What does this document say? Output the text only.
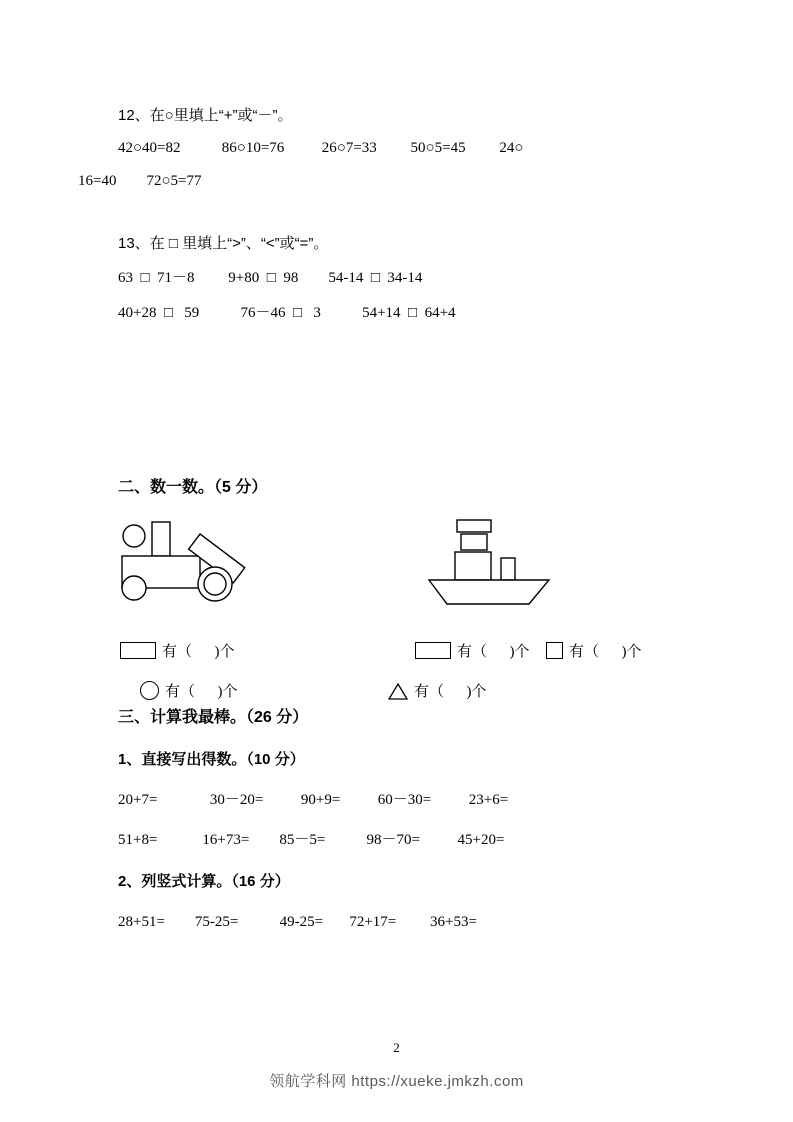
12、在○里填上“+”或“－”。
42○40=82           86○10=76          26○7=33         50○5=45         24○
16=40        72○5=77
13、在 □ 里填上“>”、“<”或“=”。
63  □  71－8         9+80  □  98        54-14  □  34-14
40+28  □   59           76－46  □   3           54+14  □  64+4
二、数一数。（5 分）
有（      )个	有（      )个	有（      )个
有（      )个

	有（      )个
三、计算我最棒。（26 分）
1、直接写出得数。（10 分）
20+7=              30－20=          90+9=          60－30=          23+6=
51+8=            16+73=        85－5=           98－70=          45+20=
2、列竖式计算。（16 分）
28+51=        75-25=           49-25=       72+17=         36+53=
2
领航学科网 https://xueke.jmkzh.com
